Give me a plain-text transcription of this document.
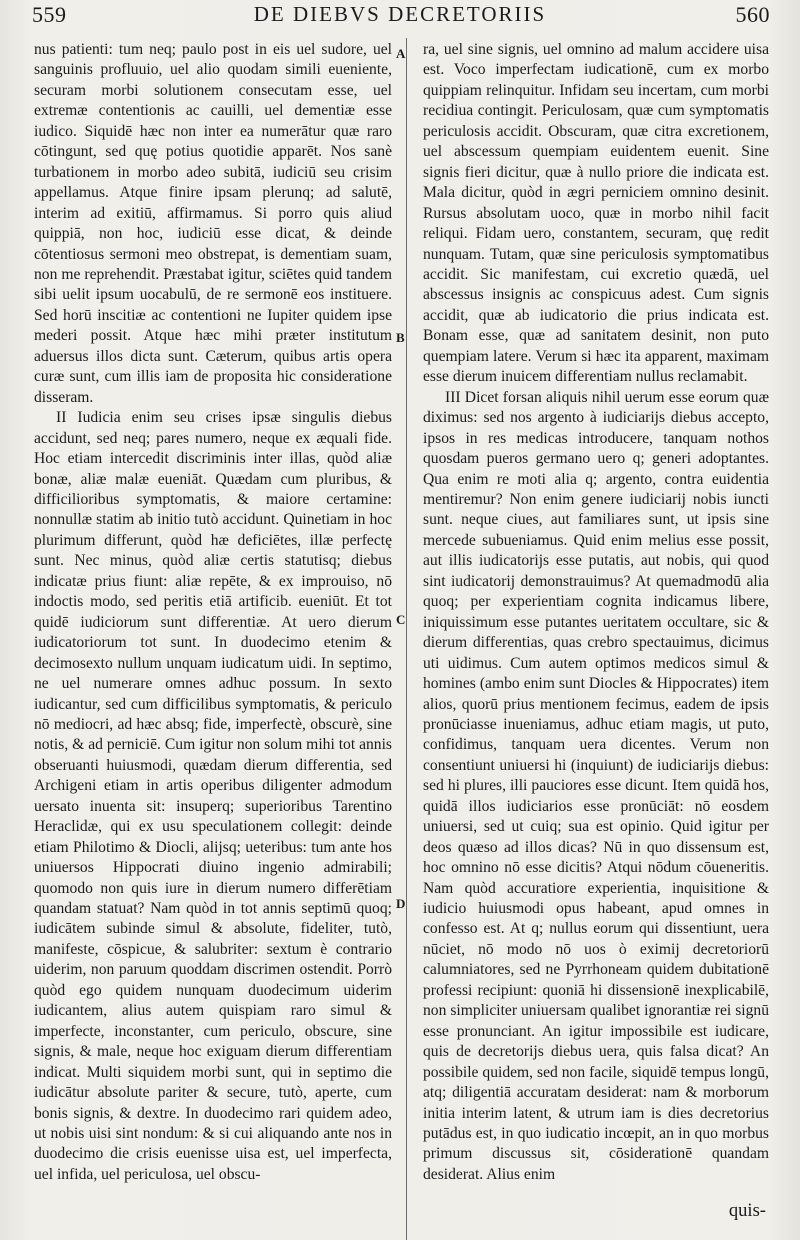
559	DE DIEBVS DECRETORIIS	560

nus patienti: tum neq; paulo post in eis uel sudore, uel sanguinis profluuio, uel alio quodam simili eueniente, securam morbi solutionem consecutam esse, uel extremæ contentionis ac cauilli, uel dementiæ esse iudico. Siquidē hæc non inter ea numerātur quæ raro cōtingunt, sed quę potius quotidie apparēt. Nos sanè turbationem in morbo adeo subitā, iudiciū seu crisim appellamus. Atque finire ipsam plerunq; ad salutē, interim ad exitiū, affirmamus. Si porro quis aliud quippiā, non hoc, iudiciū esse dicat, & deinde cōtentiosus sermoni meo obstrepat, is dementiam suam, non me reprehendit. Præstabat igitur, sciētes quid tandem sibi uelit ipsum uocabulū, de re sermonē eos instituere. Sed horū inscitiæ ac contentioni ne Iupiter quidem ipse mederi possit. Atque hæc mihi præter institutum aduersus illos dicta sunt. Cæterum, quibus artis opera curæ sunt, cum illis iam de proposita hic consideratione disseram.

II Iudicia enim seu crises ipsæ singulis diebus accidunt, sed neq; pares numero, neque ex æquali fide. Hoc etiam intercedit discriminis inter illas, quòd aliæ bonæ, aliæ malæ eueniāt. Quædam cum pluribus, & difficilioribus symptomatis, & maiore certamine: nonnullæ statim ab initio tutò accidunt. Quinetiam in hoc plurimum differunt, quòd hæ deficiētes, illæ perfectę sunt. Nec minus, quòd aliæ certis statutisq; diebus indicatæ prius fiunt: aliæ repēte, & ex improuiso, nō indoctis modo, sed peritis etiā artificib. eueniūt. Et tot quidē iudiciorum sunt differentiæ. At uero dierum iudicatoriorum tot sunt. In duodecimo etenim & decimosexto nullum unquam iudicatum uidi. In septimo, ne uel numerare omnes adhuc possum. In sexto iudicantur, sed cum difficilibus symptomatis, & periculo nō mediocri, ad hæc absq; fide, imperfectè, obscurè, sine notis, & ad perniciē. Cum igitur non solum mihi tot annis obseruanti huiusmodi, quædam dierum differentia, sed Archigeni etiam in artis operibus diligenter admodum uersato inuenta sit: insuperq; superioribus Tarentino Heraclidæ, qui ex usu speculationem collegit: deinde etiam Philotimo & Diocli, alijsq; ueteribus: tum ante hos uniuersos Hippocrati diuino ingenio admirabili; quomodo non quis iure in dierum numero differētiam quandam statuat? Nam quòd in tot annis septimū quoq; iudicātem subinde simul & absolute, fideliter, tutò, manifeste, cōspicue, & salubriter: sextum è contrario uiderim, non paruum quoddam discrimen ostendit. Porrò quòd ego quidem nunquam duodecimum uiderim iudicantem, alius autem quispiam raro simul & imperfecte, inconstanter, cum periculo, obscure, sine signis, & male, neque hoc exiguam dierum differentiam indicat. Multi siquidem morbi sunt, qui in septimo die iudicātur absolute pariter & secure, tutò, aperte, cum bonis signis, & dextre. In duodecimo rari quidem adeo, ut nobis uisi sint nondum: & si cui aliquando ante nos in duodecimo die crisis euenisse uisa est, uel imperfecta, uel infida, uel periculosa, uel obscu-

A
B
C
D

ra, uel sine signis, uel omnino ad malum accidere uisa est. Voco imperfectam iudicationē, cum ex morbo quippiam relinquitur. Infidam seu incertam, cum morbi recidiua contingit. Periculosam, quæ cum symptomatis periculosis accidit. Obscuram, quæ citra excretionem, uel abscessum quempiam euidentem euenit. Sine signis fieri dicitur, quæ à nullo priore die indicata est. Mala dicitur, quòd in ægri perniciem omnino desinit. Rursus absolutam uoco, quæ in morbo nihil facit reliqui. Fidam uero, constantem, securam, quę redit nunquam. Tutam, quæ sine periculosis symptomatibus accidit. Sic manifestam, cui excretio quædā, uel abscessus insignis ac conspicuus adest. Cum signis accidit, quæ ab iudicatorio die prius indicata est. Bonam esse, quæ ad sanitatem desinit, non puto quempiam latere. Verum si hæc ita apparent, maximam esse dierum inuicem differentiam nullus reclamabit.

III Dicet forsan aliquis nihil uerum esse eorum quæ diximus: sed nos argento à iudiciarijs diebus accepto, ipsos in res medicas introducere, tanquam nothos quosdam pueros germano uero q; generi adoptantes. Qua enim re moti alia q; argento, contra euidentia mentiremur? Non enim genere iudiciarij nobis iuncti sunt. neque ciues, aut familiares sunt, ut ipsis sine mercede subueniamus. Quid enim melius esse possit, aut illis iudicatorijs esse putatis, aut nobis, qui quod sint iudicatorij demonstrauimus? At quemadmodū alia quoq; per experientiam cognita indicamus libere, iniquissimum esse putantes ueritatem occultare, sic & dierum differentias, quas crebro spectauimus, dicimus uti uidimus. Cum autem optimos medicos simul & homines (ambo enim sunt Diocles & Hippocrates) item alios, quorū prius mentionem fecimus, eadem de ipsis pronūciasse inueniamus, adhuc etiam magis, ut puto, confidimus, tanquam uera dicentes. Verum non consentiunt uniuersi hi (inquiunt) de iudiciarijs diebus: sed hi plures, illi pauciores esse dicunt. Item quidā hos, quidā illos iudiciarios esse pronūciāt: nō eosdem uniuersi, sed ut cuiq; sua est opinio. Quid igitur per deos quæso ad illos dicas? Nū in quo dissensum est, hoc omnino nō esse dicitis? Atqui nōdum cōueneritis. Nam quòd accuratiore experientia, inquisitione & iudicio huiusmodi opus habeant, apud omnes in confesso est. At q; nullus eorum qui dissentiunt, uera nūciet, nō modo nō uos ò eximij decretoriorū calumniatores, sed ne Pyrrhoneam quidem dubitationē professi recipiunt: quoniā hi dissensionē inexplicabilē, non simpliciter uniuersam qualibet ignorantiæ rei signū esse pronunciant. An igitur impossibile est iudicare, quis de decretorijs diebus uera, quis falsa dicat? An possibile quidem, sed non facile, siquidē tempus longū, atq; diligentiā accuratam desiderat: nam & morborum initia interim latent, & utrum iam is dies decretorius putādus est, in quo iudicatio incœpit, an in quo morbus primum discussus sit, cōsiderationē quandam desiderat. Alius enim

quis-
